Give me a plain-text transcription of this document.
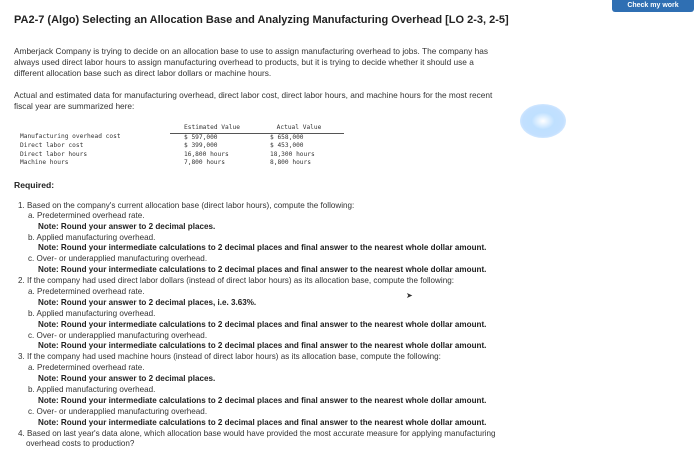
Check my work
PA2-7 (Algo) Selecting an Allocation Base and Analyzing Manufacturing Overhead [LO 2-3, 2-5]
Amberjack Company is trying to decide on an allocation base to use to assign manufacturing overhead to jobs. The company has
always used direct labor hours to assign manufacturing overhead to products, but it is trying to decide whether it should use a
different allocation base such as direct labor dollars or machine hours.
Actual and estimated data for manufacturing overhead, direct labor cost, direct labor hours, and machine hours for the most recent
fiscal year are summarized here:
	Estimated Value	Actual Value
Manufacturing overhead cost	$ 597,000	$ 658,000
Direct labor cost	$ 399,000	$ 453,000
Direct labor hours	16,800 hours	18,300 hours
Machine hours	7,800 hours	8,800 hours
Required:
1. Based on the company's current allocation base (direct labor hours), compute the following:
a. Predetermined overhead rate.
Note: Round your answer to 2 decimal places.
b. Applied manufacturing overhead.
Note: Round your intermediate calculations to 2 decimal places and final answer to the nearest whole dollar amount.
c. Over- or underapplied manufacturing overhead.
Note: Round your intermediate calculations to 2 decimal places and final answer to the nearest whole dollar amount.
2. If the company had used direct labor dollars (instead of direct labor hours) as its allocation base, compute the following:
a. Predetermined overhead rate.
Note: Round your answer to 2 decimal places, i.e. 3.63%.
b. Applied manufacturing overhead.
Note: Round your intermediate calculations to 2 decimal places and final answer to the nearest whole dollar amount.
c. Over- or underapplied manufacturing overhead.
Note: Round your intermediate calculations to 2 decimal places and final answer to the nearest whole dollar amount.
3. If the company had used machine hours (instead of direct labor hours) as its allocation base, compute the following:
a. Predetermined overhead rate.
Note: Round your answer to 2 decimal places.
b. Applied manufacturing overhead.
Note: Round your intermediate calculations to 2 decimal places and final answer to the nearest whole dollar amount.
c. Over- or underapplied manufacturing overhead.
Note: Round your intermediate calculations to 2 decimal places and final answer to the nearest whole dollar amount.
4. Based on last year's data alone, which allocation base would have provided the most accurate measure for applying manufacturing
overhead costs to production?
➤
